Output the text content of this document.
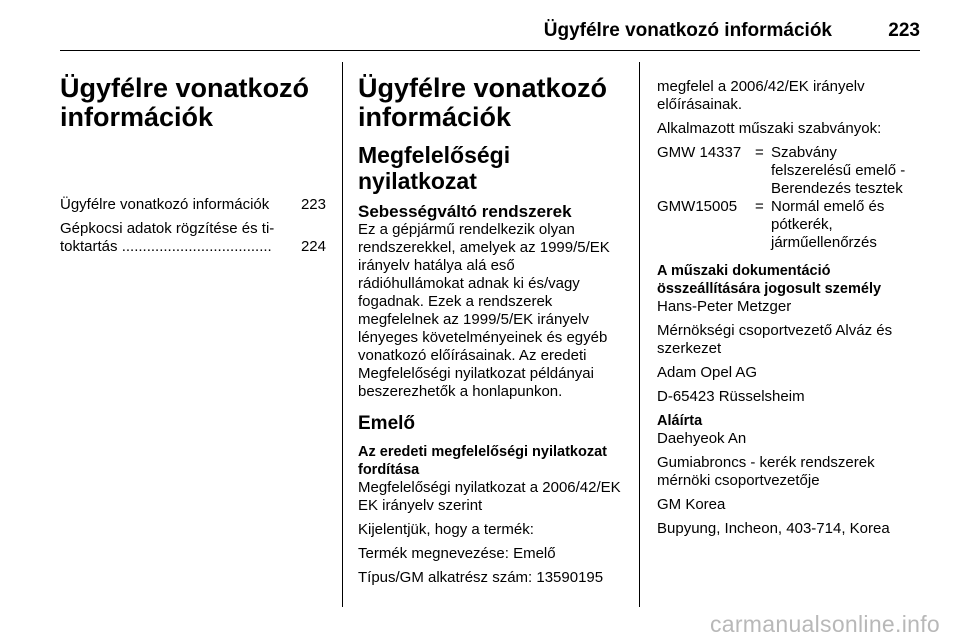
Ügyfélre vonatkozó információk	223
Ügyfélre vonatkozó információk
Ügyfélre vonatkozó információk 223
Gépkocsi adatok rögzítése és ti-
toktartás .................................... 224
Ügyfélre vonatkozó információk
Megfelelőségi nyilatkozat
Sebességváltó rendszerek

Ez a gépjármű rendelkezik olyan rendszerekkel, amelyek az 1999/5/EK irányelv hatálya alá eső rádióhullámokat adnak ki és/vagy fogadnak. Ezek a rendszerek megfelelnek az 1999/5/EK irányelv lényeges követelményeinek és egyéb vonatkozó előírásainak. Az eredeti Megfelelőségi nyilatkozat példányai beszerezhetők a honlapunkon.

Emelő
Az eredeti megfelelőségi nyilatkozat fordítása

Megfelelőségi nyilatkozat a 2006/42/EK EK irányelv szerint

Kijelentjük, hogy a termék:

Termék megnevezése: Emelő

Típus/GM alkatrész szám: 13590195

megfelel a 2006/42/EK irányelv előírásainak.

Alkalmazott műszaki szabványok:

GMW 14337 = Szabvány felszerelésű emelő - Berendezés tesztek
GMW15005	= Normál emelő és pótkerék, járműellenőrzés
A műszaki dokumentáció összeállítására jogosult személy

Hans-Peter Metzger

Mérnökségi csoportvezető Alváz és szerkezet

Adam Opel AG

D-65423 Rüsselsheim

Aláírta

Daehyeok An

Gumiabroncs - kerék rendszerek mérnöki csoportvezetője

GM Korea

Bupyung, Incheon, 403-714, Korea

carmanualsonline.info
